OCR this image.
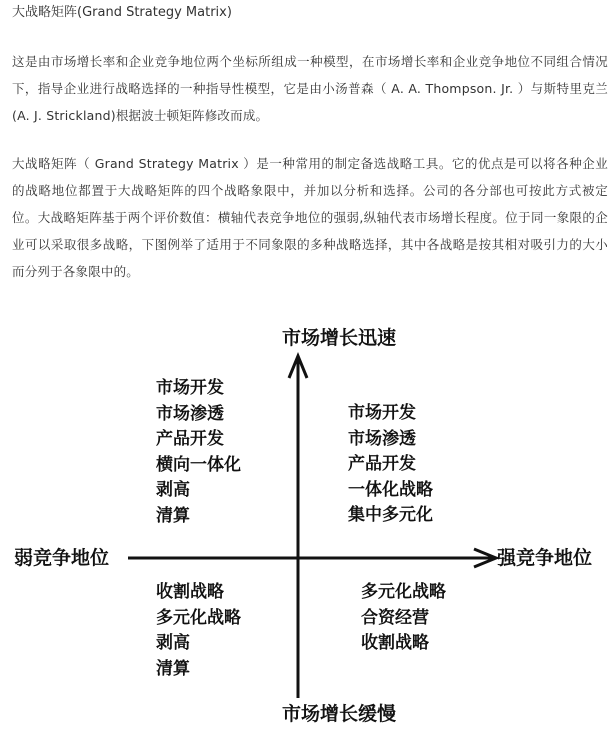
大战略矩阵(Grand Strategy Matrix)

这是由市场增长率和企业竞争地位两个坐标所组成一种模型，在市场增长率和企业竞争地位不同组合情况下，指导企业进行战略选择的一种指导性模型，它是由小汤普森（ A. A. Thompson. Jr. ）与斯特里克兰(A. J. Strickland)根据波士顿矩阵修改而成。

大战略矩阵（ Grand Strategy Matrix ）是一种常用的制定备选战略工具。它的优点是可以将各种企业的战略地位都置于大战略矩阵的四个战略象限中，并加以分析和选择。公司的各分部也可按此方式被定位。大战略矩阵基于两个评价数值：横轴代表竞争地位的强弱,纵轴代表市场增长程度。位于同一象限的企业可以采取很多战略，下图例举了适用于不同象限的多种战略选择，其中各战略是按其相对吸引力的大小而分列于各象限中的。

市场增长迅速
市场增长缓慢
弱竞争地位	强竞争地位
市场开发
市场渗透
产品开发
横向一体化
剥高
清算
市场开发
市场渗透
产品开发
一体化战略
集中多元化
收割战略
多元化战略
剥高
清算
多元化战略
合资经营
收割战略
